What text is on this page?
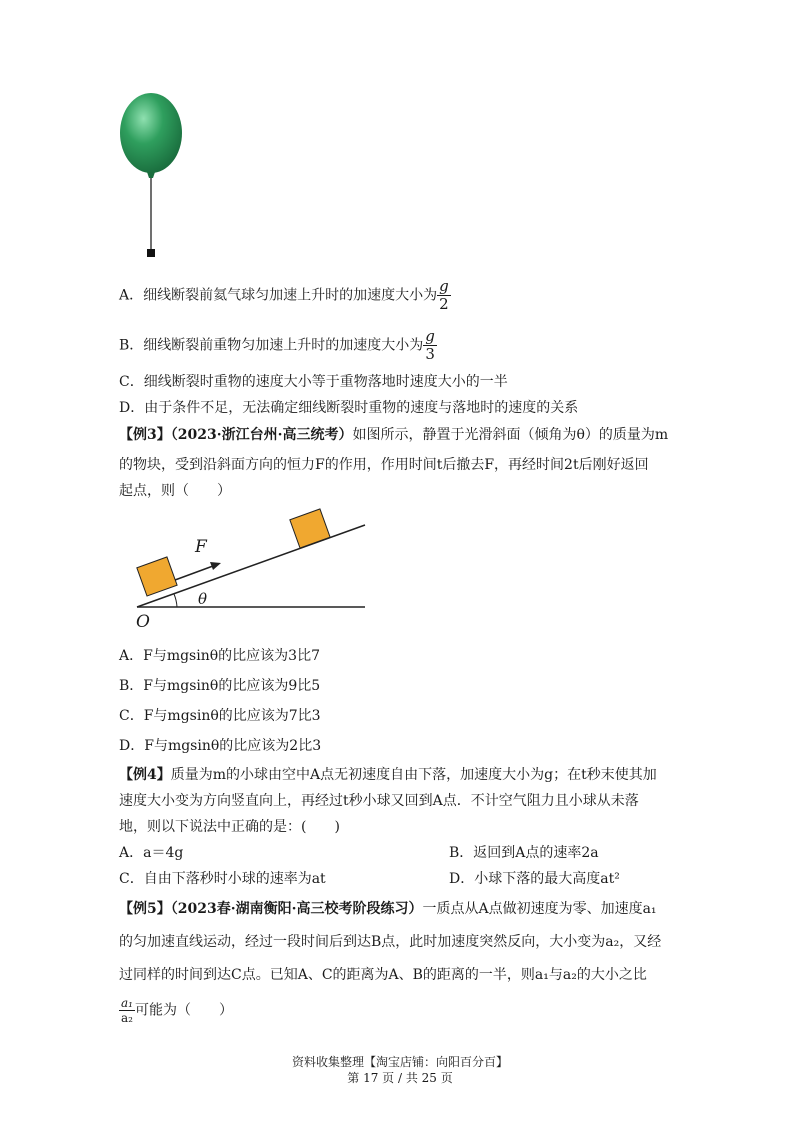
A．细线断裂前氦气球匀加速上升时的加速度大小为 $\frac{g}{2}$
B．细线断裂前重物匀加速上升时的加速度大小为 $\frac{g}{3}$
C．细线断裂时重物的速度大小等于重物落地时速度大小的一半
D．由于条件不足，无法确定细线断裂时重物的速度与落地时的速度的关系
【例3】（2023·浙江台州·高三统考）如图所示，静置于光滑斜面（倾角为θ）的质量为m
的物块，受到沿斜面方向的恒力F的作用，作用时间t后撤去F，再经时间2t后刚好返回
起点，则（　　）
F
θ
O
A．F与mgsinθ的比应该为3比7
B．F与mgsinθ的比应该为9比5
C．F与mgsinθ的比应该为7比3
D．F与mgsinθ的比应该为2比3
【例4】质量为m的小球由空中A点无初速度自由下落，加速度大小为g；在t秒末使其加
速度大小变为方向竖直向上，再经过t秒小球又回到A点．不计空气阻力且小球从未落
地，则以下说法中正确的是：(　　)
A．a＝4g	B．返回到A点的速率2a
C．自由下落秒时小球的速率为at	D．小球下落的最大高度at²
【例5】（2023春·湖南衡阳·高三校考阶段练习）一质点从A点做初速度为零、加速度a₁
的匀加速直线运动，经过一段时间后到达B点，此时加速度突然反向，大小变为a₂，又经
过同样的时间到达C点。已知A、C的距离为A、B的距离的一半，则a₁与a₂的大小之比
$\frac{\text{a₁}}{\text{a₂}}$ 可能为（　　）
资料收集整理【淘宝店铺：向阳百分百】
第 17 页 / 共 25 页
